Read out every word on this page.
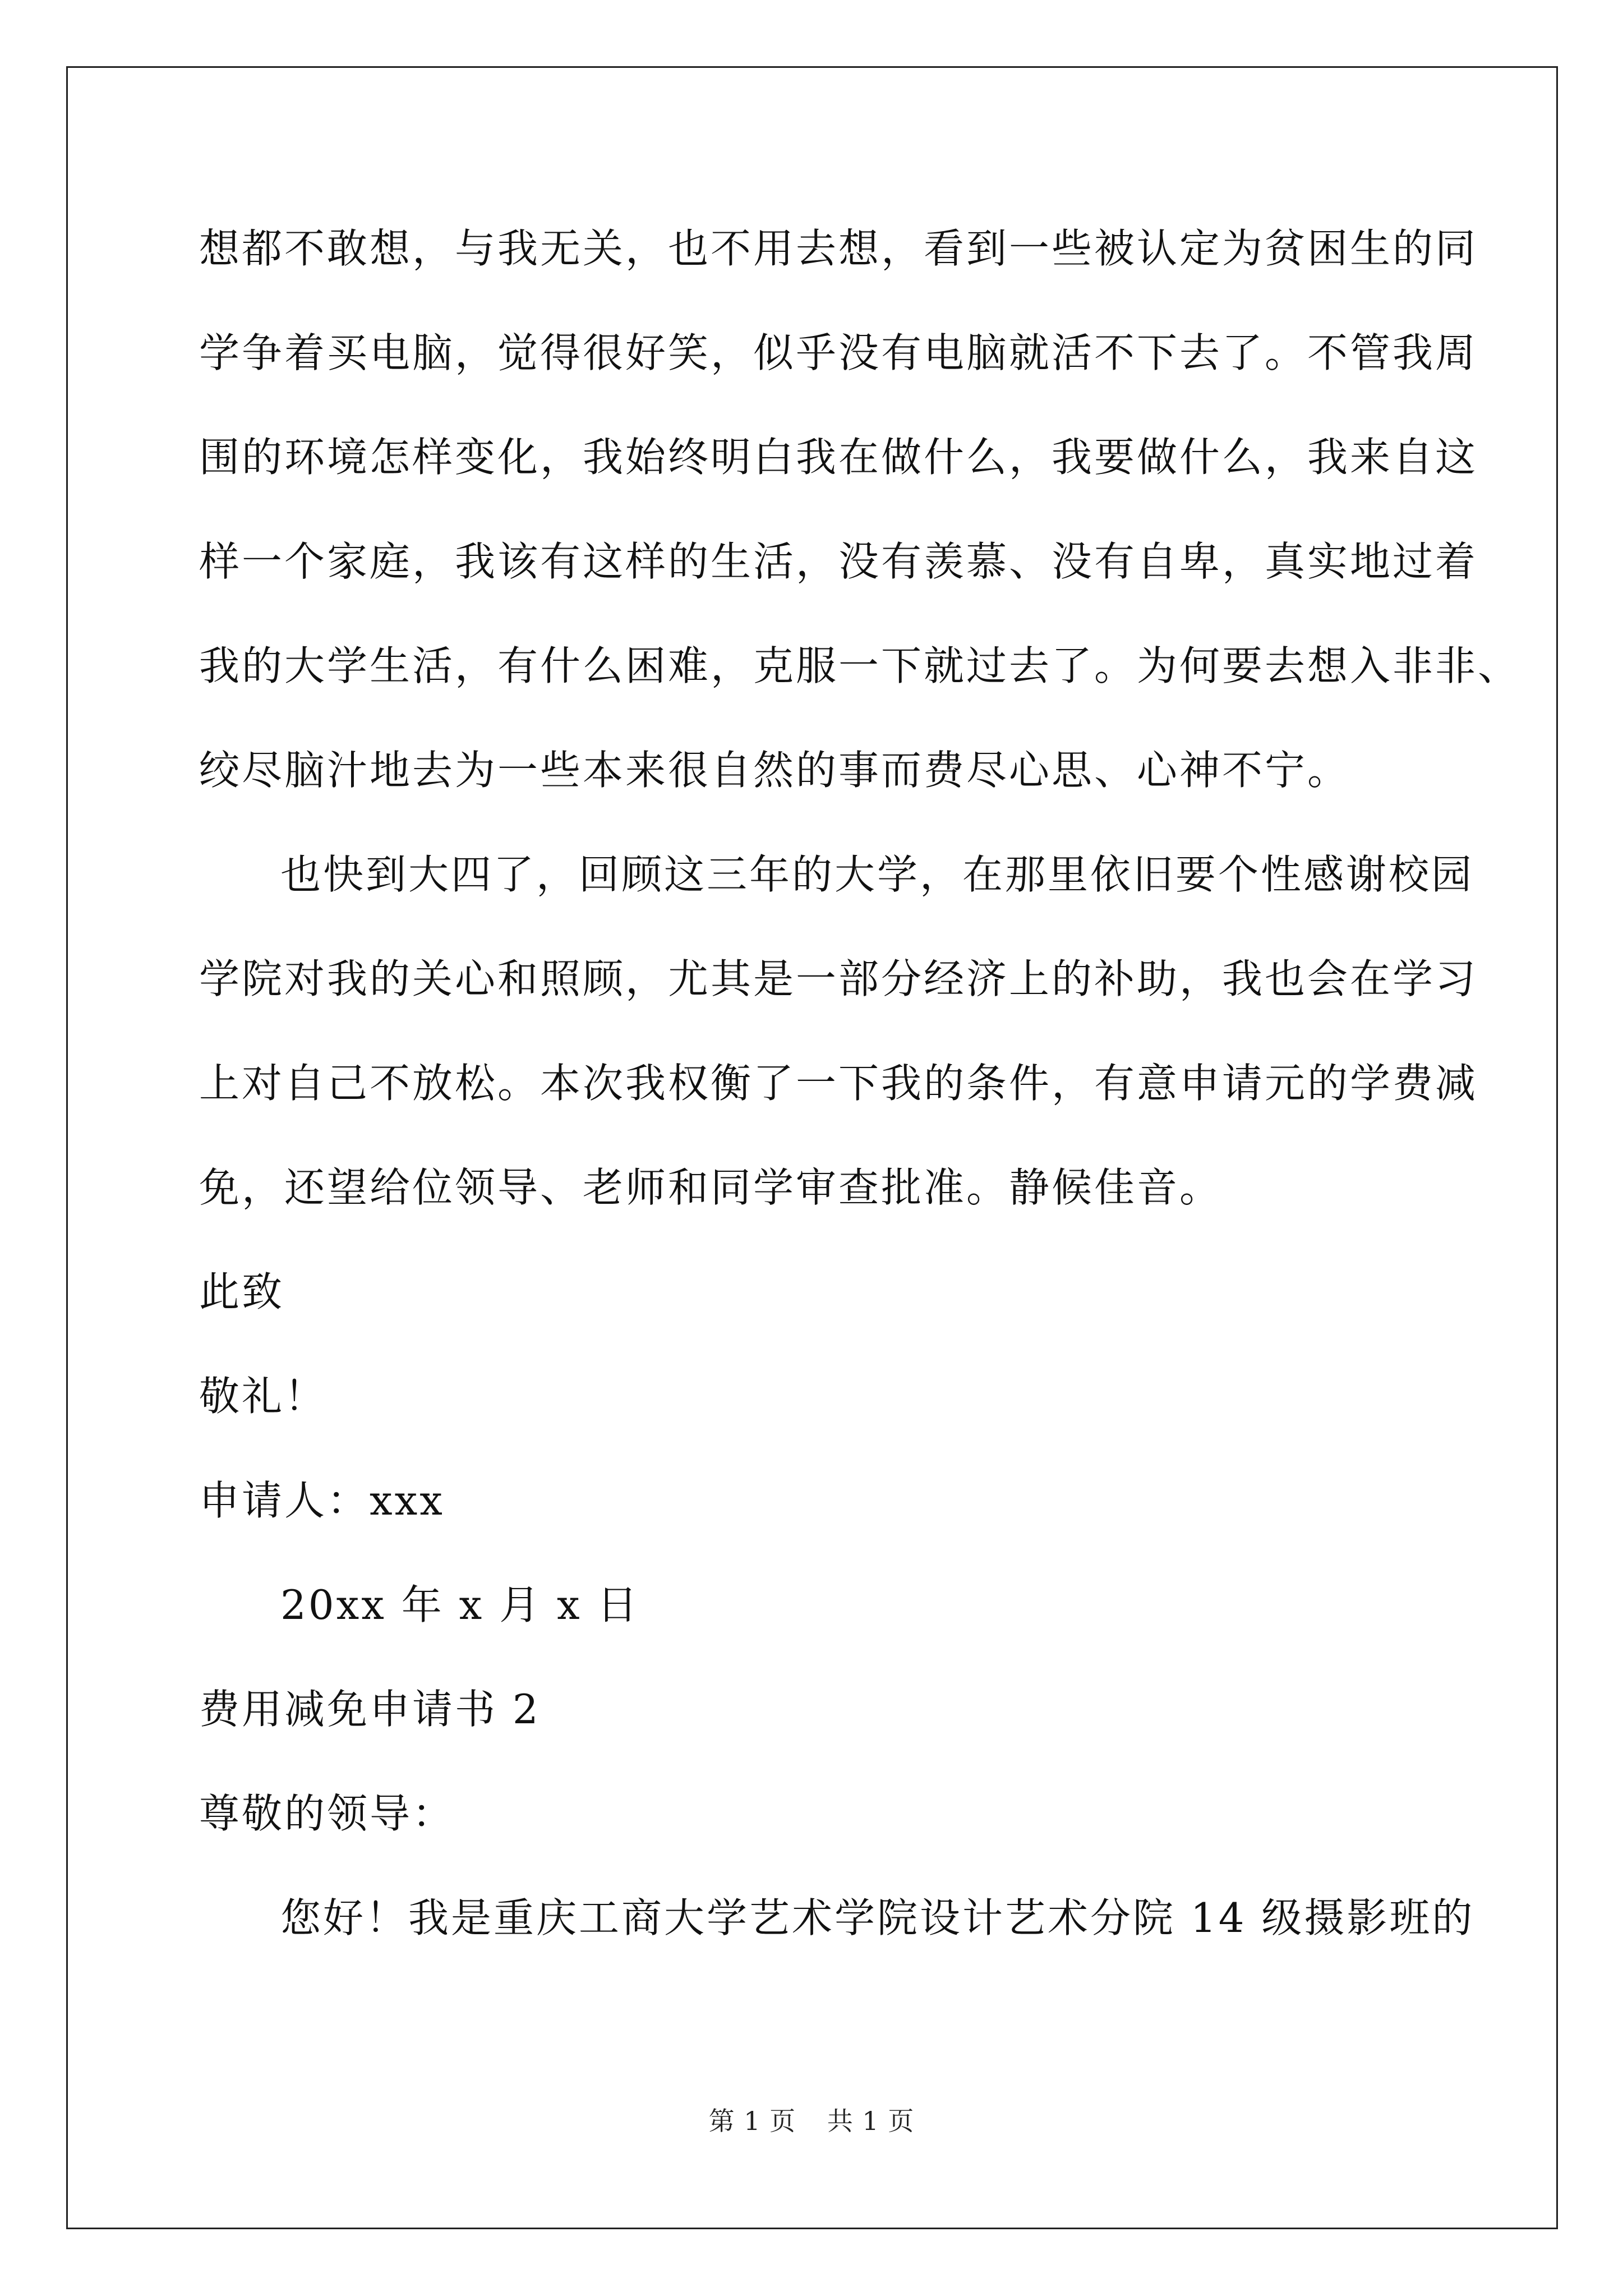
想都不敢想，与我无关，也不用去想，看到一些被认定为贫困生的同
学争着买电脑，觉得很好笑，似乎没有电脑就活不下去了。不管我周
围的环境怎样变化，我始终明白我在做什么，我要做什么，我来自这
样一个家庭，我该有这样的生活，没有羡慕、没有自卑，真实地过着
我的大学生活，有什么困难，克服一下就过去了。为何要去想入非非、
绞尽脑汁地去为一些本来很自然的事而费尽心思、心神不宁。
也快到大四了，回顾这三年的大学，在那里依旧要个性感谢校园
学院对我的关心和照顾，尤其是一部分经济上的补助，我也会在学习
上对自己不放松。本次我权衡了一下我的条件，有意申请元的学费减
免，还望给位领导、老师和同学审查批准。静候佳音。
此致
敬礼！
申请人：xxx
20xx 年 x 月 x 日
费用减免申请书 2
尊敬的领导：
您好！我是重庆工商大学艺术学院设计艺术分院 14 级摄影班的
第 1 页 共 1 页
